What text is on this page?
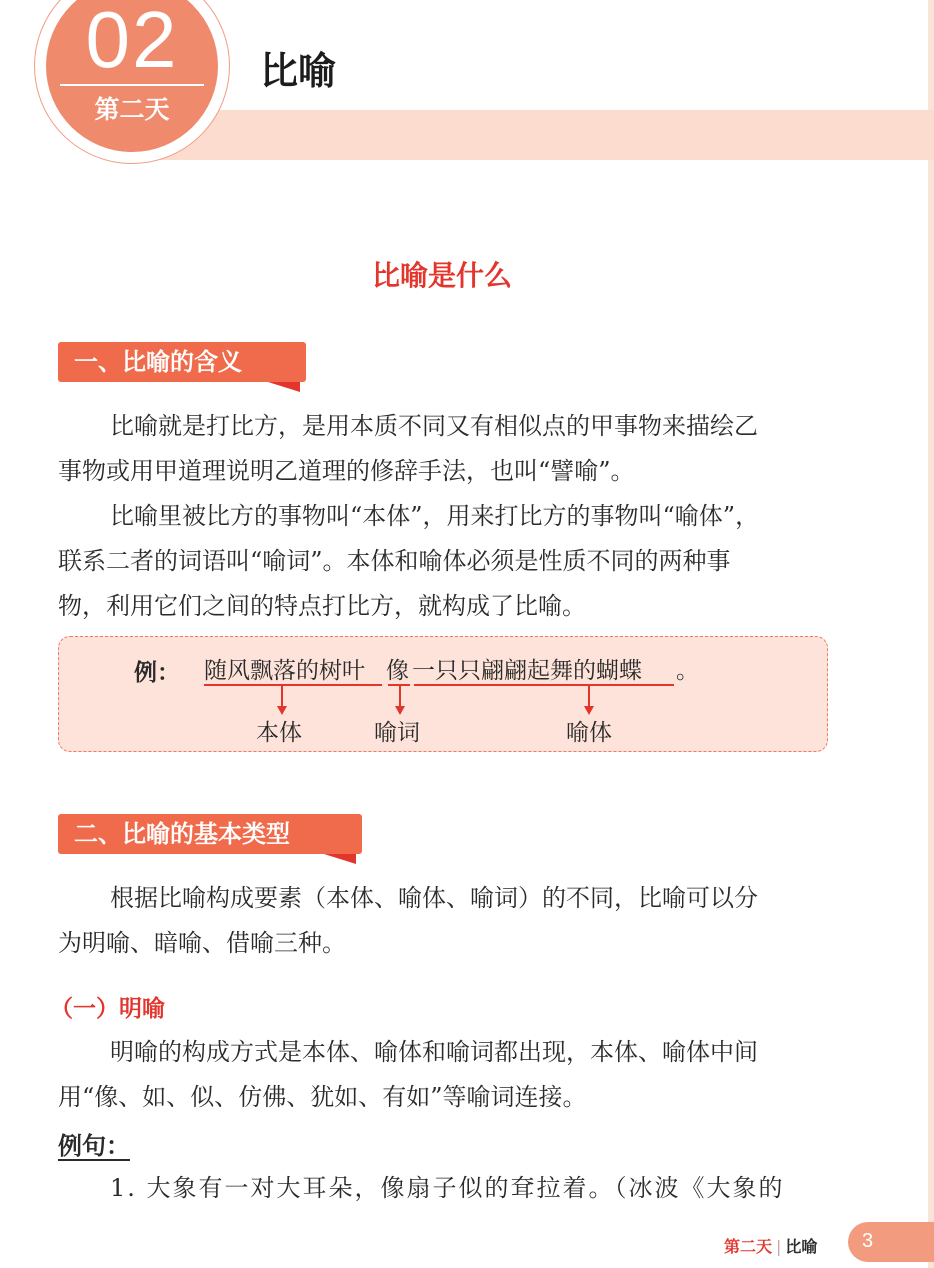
02
第二天
比喻
比喻是什么
一、比喻的含义
比喻就是打比方，是用本质不同又有相似点的甲事物来描绘乙
事物或用甲道理说明乙道理的修辞手法，也叫“譬喻”。
比喻里被比方的事物叫“本体”，用来打比方的事物叫“喻体”，
联系二者的词语叫“喻词”。本体和喻体必须是性质不同的两种事
物，利用它们之间的特点打比方，就构成了比喻。
例： 随风飘落的树叶 像 一只只翩翩起舞的蝴蝶 。
本体	喻词	喻体
二、比喻的基本类型
根据比喻构成要素（本体、喻体、喻词）的不同，比喻可以分
为明喻、暗喻、借喻三种。
（一）明喻
明喻的构成方式是本体、喻体和喻词都出现，本体、喻体中间
用“像、如、似、仿佛、犹如、有如”等喻词连接。
例句：
1. 大象有一对大耳朵，像扇子似的耷拉着。（冰波《大象的
第二天 | 比喻 3
